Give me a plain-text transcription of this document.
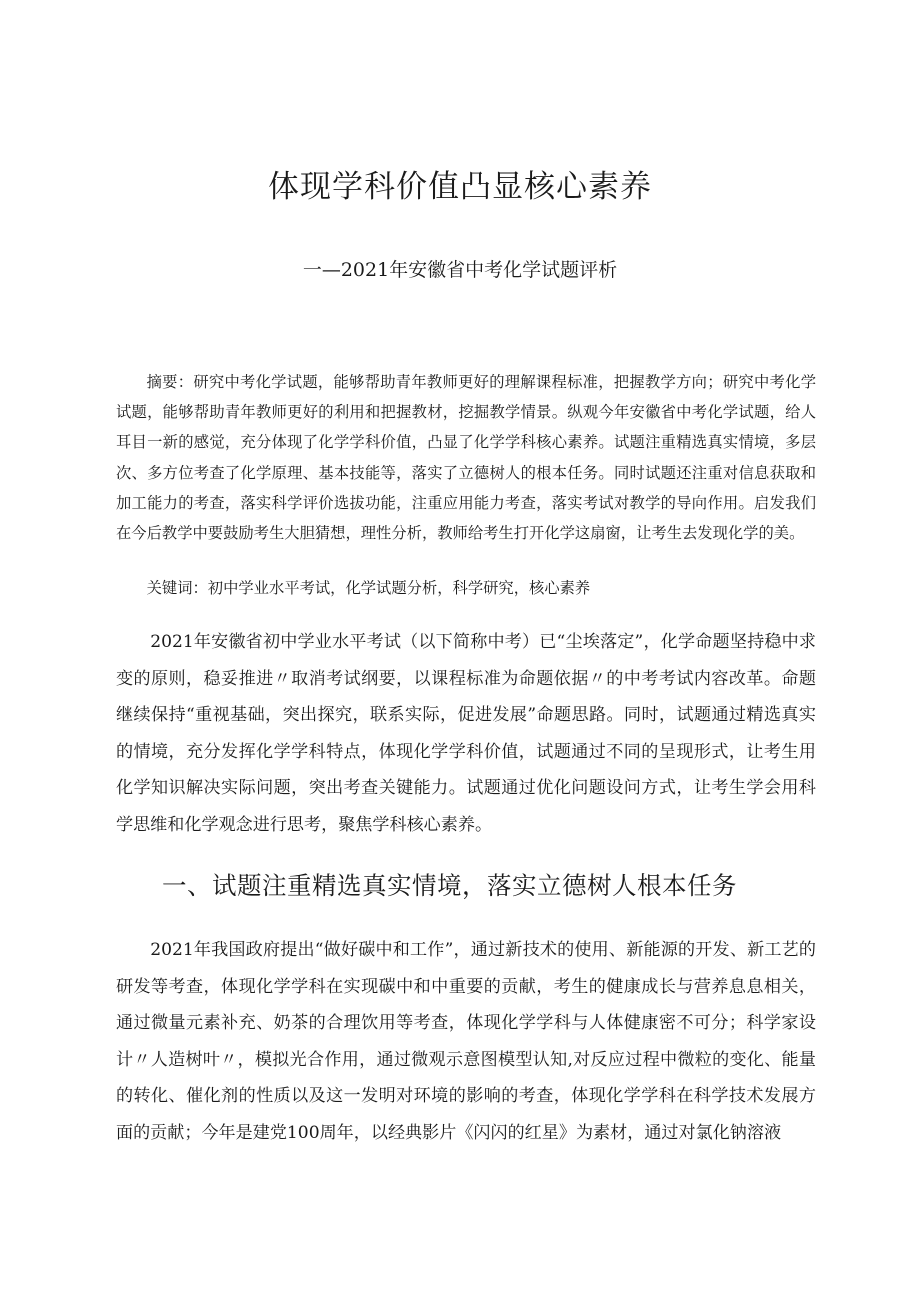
体现学科价值凸显核心素养

一—2021年安徽省中考化学试题评析

摘要：研究中考化学试题，能够帮助青年教师更好的理解课程标准，把握教学方向；研究中考化学试题，能够帮助青年教师更好的利用和把握教材，挖掘教学情景。纵观今年安徽省中考化学试题，给人耳目一新的感觉，充分体现了化学学科价值，凸显了化学学科核心素养。试题注重精选真实情境，多层次、多方位考查了化学原理、基本技能等，落实了立德树人的根本任务。同时试题还注重对信息获取和加工能力的考查，落实科学评价选拔功能，注重应用能力考查，落实考试对教学的导向作用。启发我们在今后教学中要鼓励考生大胆猜想，理性分析，教师给考生打开化学这扇窗，让考生去发现化学的美。

关键词：初中学业水平考试，化学试题分析，科学研究，核心素养

2021年安徽省初中学业水平考试（以下简称中考）已“尘埃落定”，化学命题坚持稳中求变的原则，稳妥推进〃取消考试纲要，以课程标准为命题依据〃的中考考试内容改革。命题继续保持“重视基础，突出探究，联系实际，促进发展”命题思路。同时，试题通过精选真实的情境，充分发挥化学学科特点，体现化学学科价值，试题通过不同的呈现形式，让考生用化学知识解决实际问题，突出考查关键能力。试题通过优化问题设问方式，让考生学会用科学思维和化学观念进行思考，聚焦学科核心素养。

一、试题注重精选真实情境，落实立德树人根本任务

2021年我国政府提出“做好碳中和工作”，通过新技术的使用、新能源的开发、新工艺的研发等考查，体现化学学科在实现碳中和中重要的贡献，考生的健康成长与营养息息相关，通过微量元素补充、奶茶的合理饮用等考查，体现化学学科与人体健康密不可分；科学家设计〃人造树叶〃，模拟光合作用，通过微观示意图模型认知,对反应过程中微粒的变化、能量的转化、催化剂的性质以及这一发明对环境的影响的考查，体现化学学科在科学技术发展方面的贡献；今年是建党100周年，以经典影片《闪闪的红星》为素材，通过对氯化钠溶液
